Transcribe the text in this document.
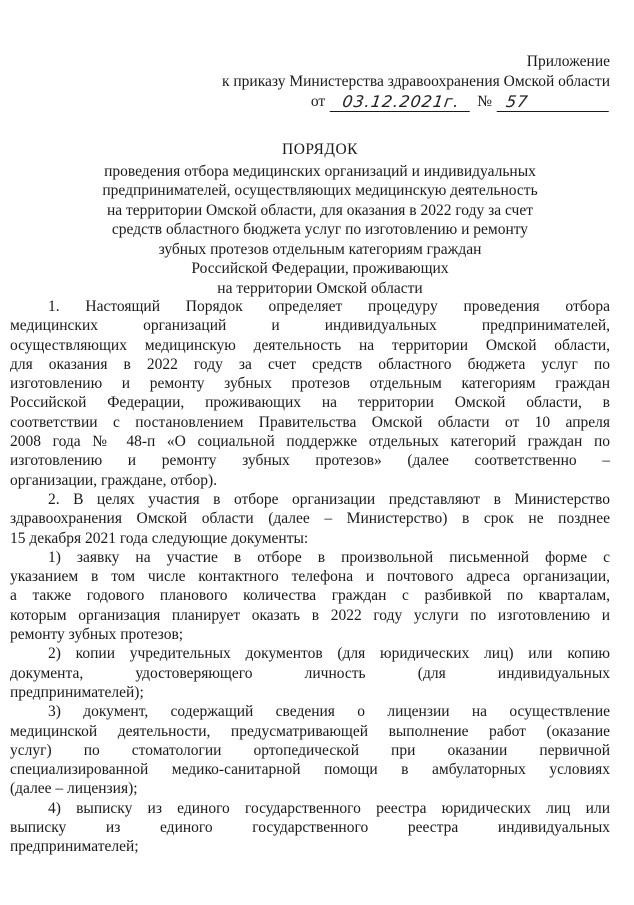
Приложение
к приказу Министерства здравоохранения Омской области
от	03.12.2021г.	№ 57
ПОРЯДОК
проведения отбора медицинских организаций и индивидуальных
предпринимателей, осуществляющих медицинскую деятельность
на территории Омской области, для оказания в 2022 году за счет
средств областного бюджета услуг по изготовлению и ремонту
зубных протезов отдельным категориям граждан
Российской Федерации, проживающих
на территории Омской области
1. Настоящий Порядок определяет процедуру проведения отбора
медицинских организаций и индивидуальных предпринимателей,
осуществляющих медицинскую деятельность на территории Омской области,
для оказания в 2022 году за счет средств областного бюджета услуг по
изготовлению и ремонту зубных протезов отдельным категориям граждан
Российской Федерации, проживающих на территории Омской области, в
соответствии с постановлением Правительства Омской области от 10 апреля
2008 года № 48-п «О социальной поддержке отдельных категорий граждан по
изготовлению и ремонту зубных протезов» (далее соответственно –
организации, граждане, отбор).
2. В целях участия в отборе организации представляют в Министерство
здравоохранения Омской области (далее – Министерство) в срок не позднее
15 декабря 2021 года следующие документы:
1) заявку на участие в отборе в произвольной письменной форме с
указанием в том числе контактного телефона и почтового адреса организации,
а также годового планового количества граждан с разбивкой по кварталам,
которым организация планирует оказать в 2022 году услуги по изготовлению и
ремонту зубных протезов;
2) копии учредительных документов (для юридических лиц) или копию
документа, удостоверяющего личность (для индивидуальных
предпринимателей);
3) документ, содержащий сведения о лицензии на осуществление
медицинской деятельности, предусматривающей выполнение работ (оказание
услуг) по стоматологии ортопедической при оказании первичной
специализированной медико-санитарной помощи в амбулаторных условиях
(далее – лицензия);
4) выписку из единого государственного реестра юридических лиц или
выписку из единого государственного реестра индивидуальных
предпринимателей;
